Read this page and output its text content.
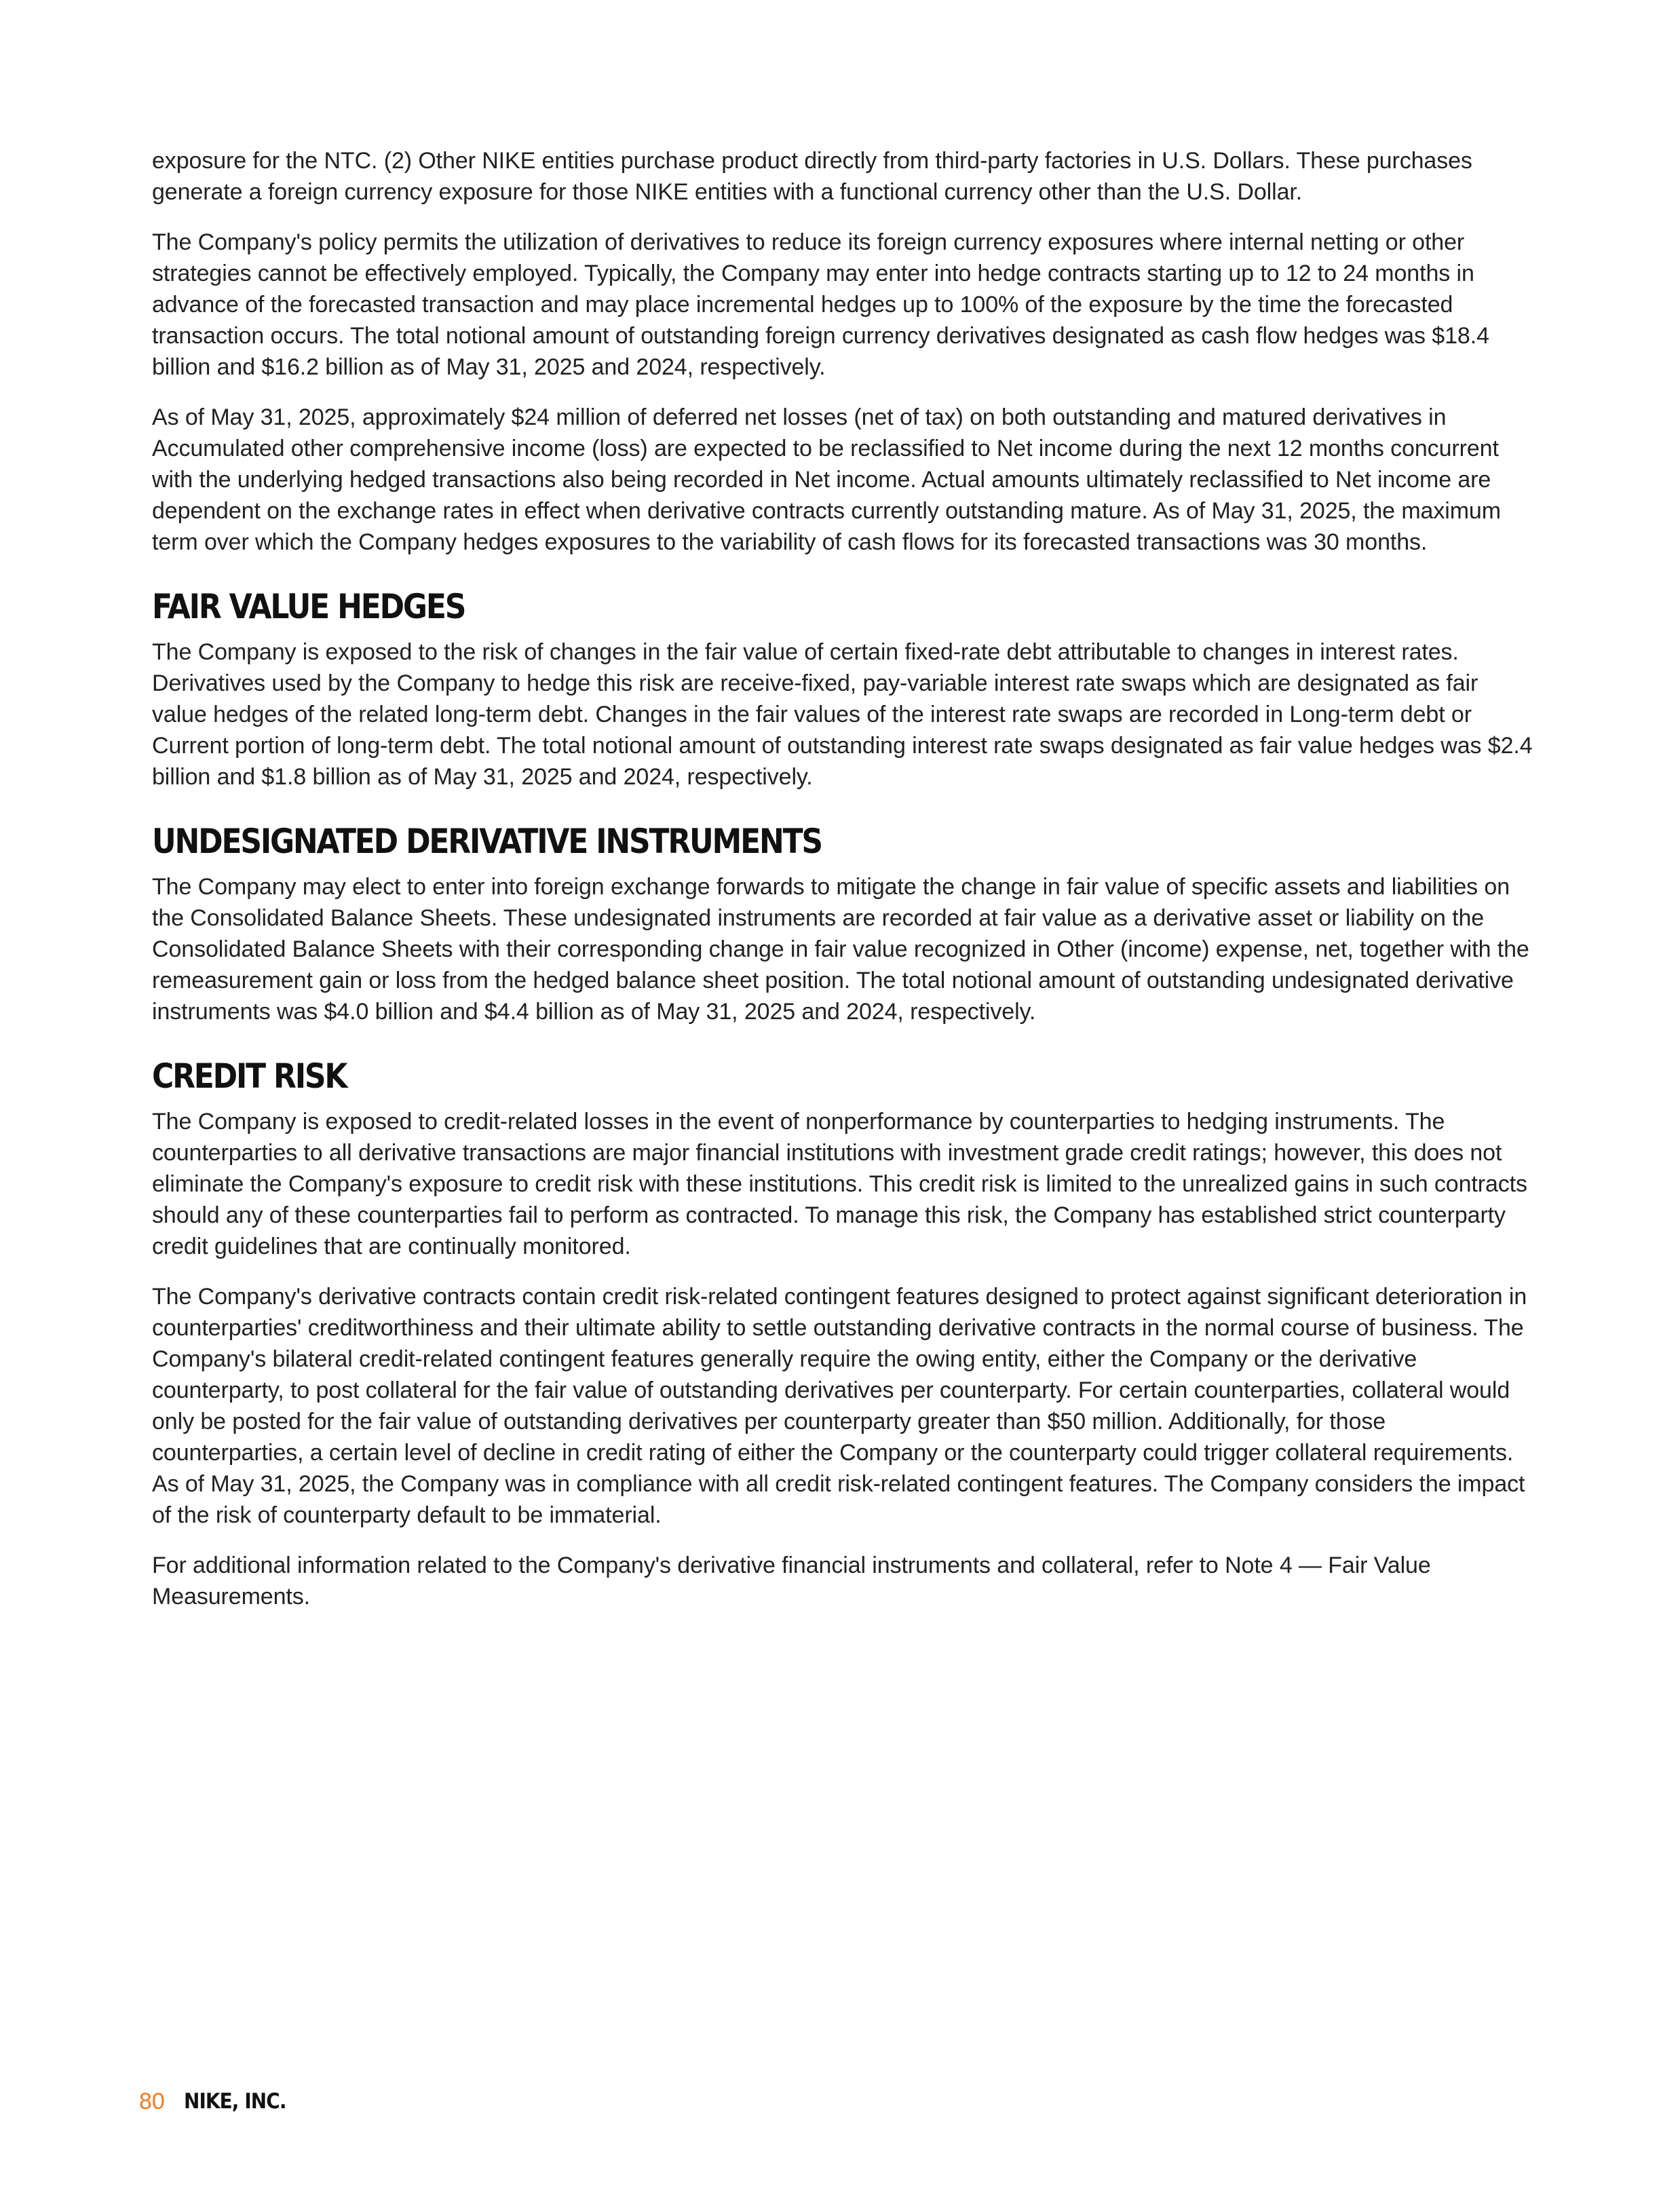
exposure for the NTC. (2) Other NIKE entities purchase product directly from third-party factories in U.S. Dollars. These purchases generate a foreign currency exposure for those NIKE entities with a functional currency other than the U.S. Dollar.

The Company's policy permits the utilization of derivatives to reduce its foreign currency exposures where internal netting or other strategies cannot be effectively employed. Typically, the Company may enter into hedge contracts starting up to 12 to 24 months in advance of the forecasted transaction and may place incremental hedges up to 100% of the exposure by the time the forecasted transaction occurs. The total notional amount of outstanding foreign currency derivatives designated as cash flow hedges was $18.4 billion and $16.2 billion as of May 31, 2025 and 2024, respectively.

As of May 31, 2025, approximately $24 million of deferred net losses (net of tax) on both outstanding and matured derivatives in Accumulated other comprehensive income (loss) are expected to be reclassified to Net income during the next 12 months concurrent with the underlying hedged transactions also being recorded in Net income. Actual amounts ultimately reclassified to Net income are dependent on the exchange rates in effect when derivative contracts currently outstanding mature. As of May 31, 2025, the maximum term over which the Company hedges exposures to the variability of cash flows for its forecasted transactions was 30 months.

FAIR VALUE HEDGES

The Company is exposed to the risk of changes in the fair value of certain fixed-rate debt attributable to changes in interest rates. Derivatives used by the Company to hedge this risk are receive-fixed, pay-variable interest rate swaps which are designated as fair value hedges of the related long-term debt. Changes in the fair values of the interest rate swaps are recorded in Long-term debt or Current portion of long-term debt. The total notional amount of outstanding interest rate swaps designated as fair value hedges was $2.4 billion and $1.8 billion as of May 31, 2025 and 2024, respectively.

UNDESIGNATED DERIVATIVE INSTRUMENTS

The Company may elect to enter into foreign exchange forwards to mitigate the change in fair value of specific assets and liabilities on the Consolidated Balance Sheets. These undesignated instruments are recorded at fair value as a derivative asset or liability on the Consolidated Balance Sheets with their corresponding change in fair value recognized in Other (income) expense, net, together with the remeasurement gain or loss from the hedged balance sheet position. The total notional amount of outstanding undesignated derivative instruments was $4.0 billion and $4.4 billion as of May 31, 2025 and 2024, respectively.

CREDIT RISK

The Company is exposed to credit-related losses in the event of nonperformance by counterparties to hedging instruments. The counterparties to all derivative transactions are major financial institutions with investment grade credit ratings; however, this does not eliminate the Company's exposure to credit risk with these institutions. This credit risk is limited to the unrealized gains in such contracts should any of these counterparties fail to perform as contracted. To manage this risk, the Company has established strict counterparty credit guidelines that are continually monitored.

The Company's derivative contracts contain credit risk-related contingent features designed to protect against significant deterioration in counterparties' creditworthiness and their ultimate ability to settle outstanding derivative contracts in the normal course of business. The Company's bilateral credit-related contingent features generally require the owing entity, either the Company or the derivative counterparty, to post collateral for the fair value of outstanding derivatives per counterparty. For certain counterparties, collateral would only be posted for the fair value of outstanding derivatives per counterparty greater than $50 million. Additionally, for those counterparties, a certain level of decline in credit rating of either the Company or the counterparty could trigger collateral requirements. As of May 31, 2025, the Company was in compliance with all credit risk-related contingent features. The Company considers the impact of the risk of counterparty default to be immaterial.

For additional information related to the Company's derivative financial instruments and collateral, refer to Note 4 — Fair Value Measurements.

80 NIKE, INC.
